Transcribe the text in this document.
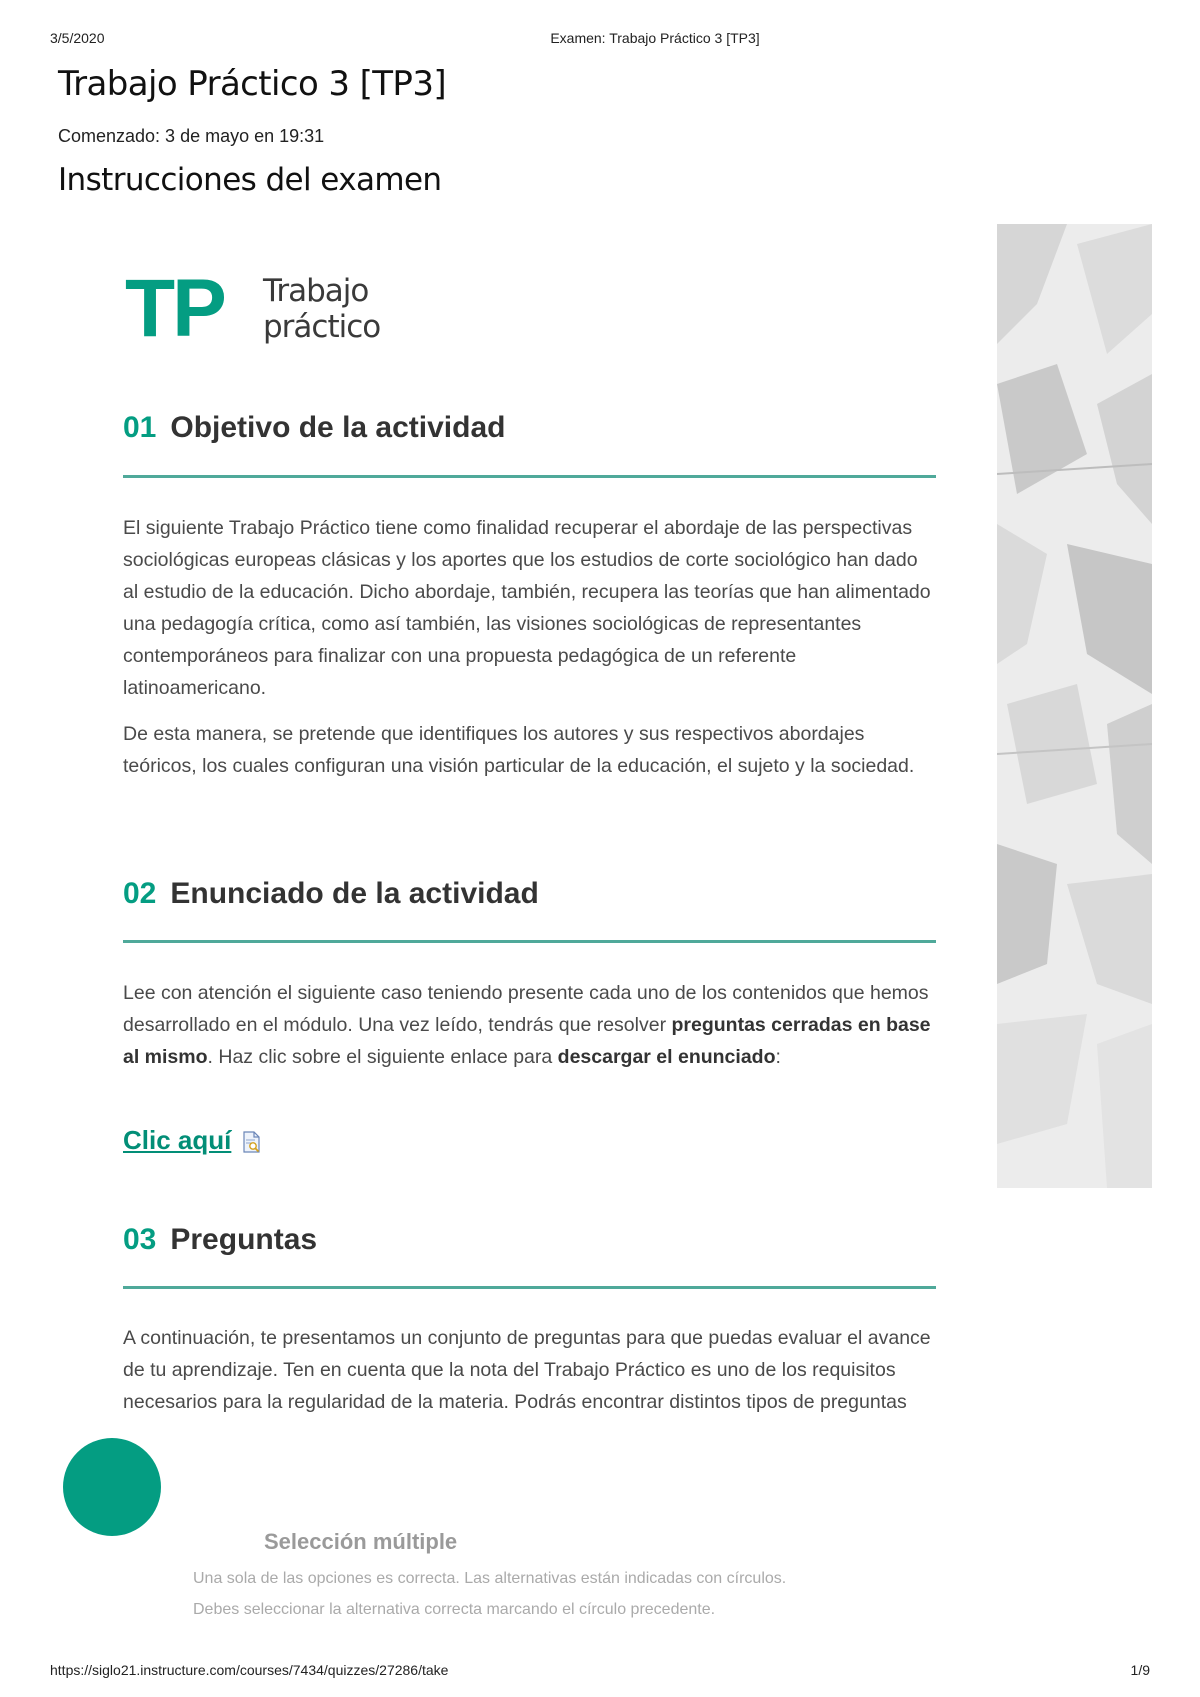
3/5/2020	Examen: Trabajo Práctico 3 [TP3]
Trabajo Práctico 3 [TP3]
Comenzado: 3 de mayo en 19:31
Instrucciones del examen
TP Trabajo
práctico
01 Objetivo de la actividad

El siguiente Trabajo Práctico tiene como finalidad recuperar el abordaje de las perspectivas sociológicas europeas clásicas y los aportes que los estudios de corte sociológico han dado al estudio de la educación. Dicho abordaje, también, recupera las teorías que han alimentado una pedagogía crítica, como así también, las visiones sociológicas de representantes contemporáneos para finalizar con una propuesta pedagógica de un referente latinoamericano.

De esta manera, se pretende que identifiques los autores y sus respectivos abordajes teóricos, los cuales configuran una visión particular de la educación, el sujeto y la sociedad.

02 Enunciado de la actividad

Lee con atención el siguiente caso teniendo presente cada uno de los contenidos que hemos desarrollado en el módulo. Una vez leído, tendrás que resolver preguntas cerradas en base al mismo. Haz clic sobre el siguiente enlace para descargar el enunciado:

Clic aquí
03 Preguntas

A continuación, te presentamos un conjunto de preguntas para que puedas evaluar el avance de tu aprendizaje. Ten en cuenta que la nota del Trabajo Práctico es uno de los requisitos necesarios para la regularidad de la materia. Podrás encontrar distintos tipos de preguntas

Selección múltiple
Una sola de las opciones es correcta. Las alternativas están indicadas con círculos.
Debes seleccionar la alternativa correcta marcando el círculo precedente.
https://siglo21.instructure.com/courses/7434/quizzes/27286/take	1/9
